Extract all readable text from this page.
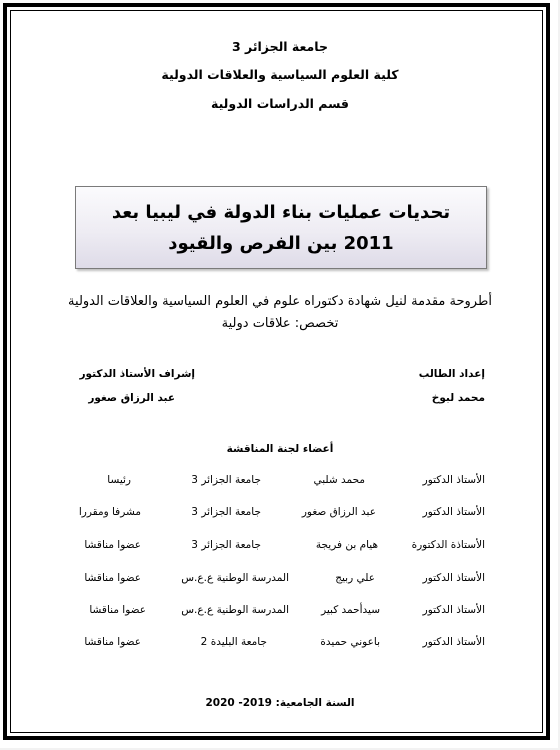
جامعة الجزائر 3
كلية العلوم السياسية والعلاقات الدولية
قسم الدراسات الدولية
تحديات عمليات بناء الدولة في ليبيا بعد 2011 بين الفرص والقيود
أطروحة مقدمة لنيل شهادة دكتوراه علوم في العلوم السياسية والعلاقات الدولية
تخصص: علاقات دولية
إعداد الطالب
محمد لبوخ
إشراف الأستاذ الدكتور
عبد الرزاق صغور
أعضاء لجنة المناقشة
الأستاذ الدكتور
محمد شلبي
جامعة الجزائر 3
رئيسا
الأستاذ الدكتور
عبد الرزاق صغور
جامعة الجزائر 3
مشرفا ومقررا
الأستاذة الدكتورة
هيام بن فريجة
جامعة الجزائر 3
عضوا مناقشا
الأستاذ الدكتور
علي ربيج
المدرسة الوطنية ع.ع.س
عضوا مناقشا
الأستاذ الدكتور
سيدأحمد كبير
المدرسة الوطنية ع.ع.س
عضوا مناقشا
الأستاذ الدكتور
باعوني حميدة
جامعة البليدة 2
عضوا مناقشا
السنة الجامعية: 2019- 2020
